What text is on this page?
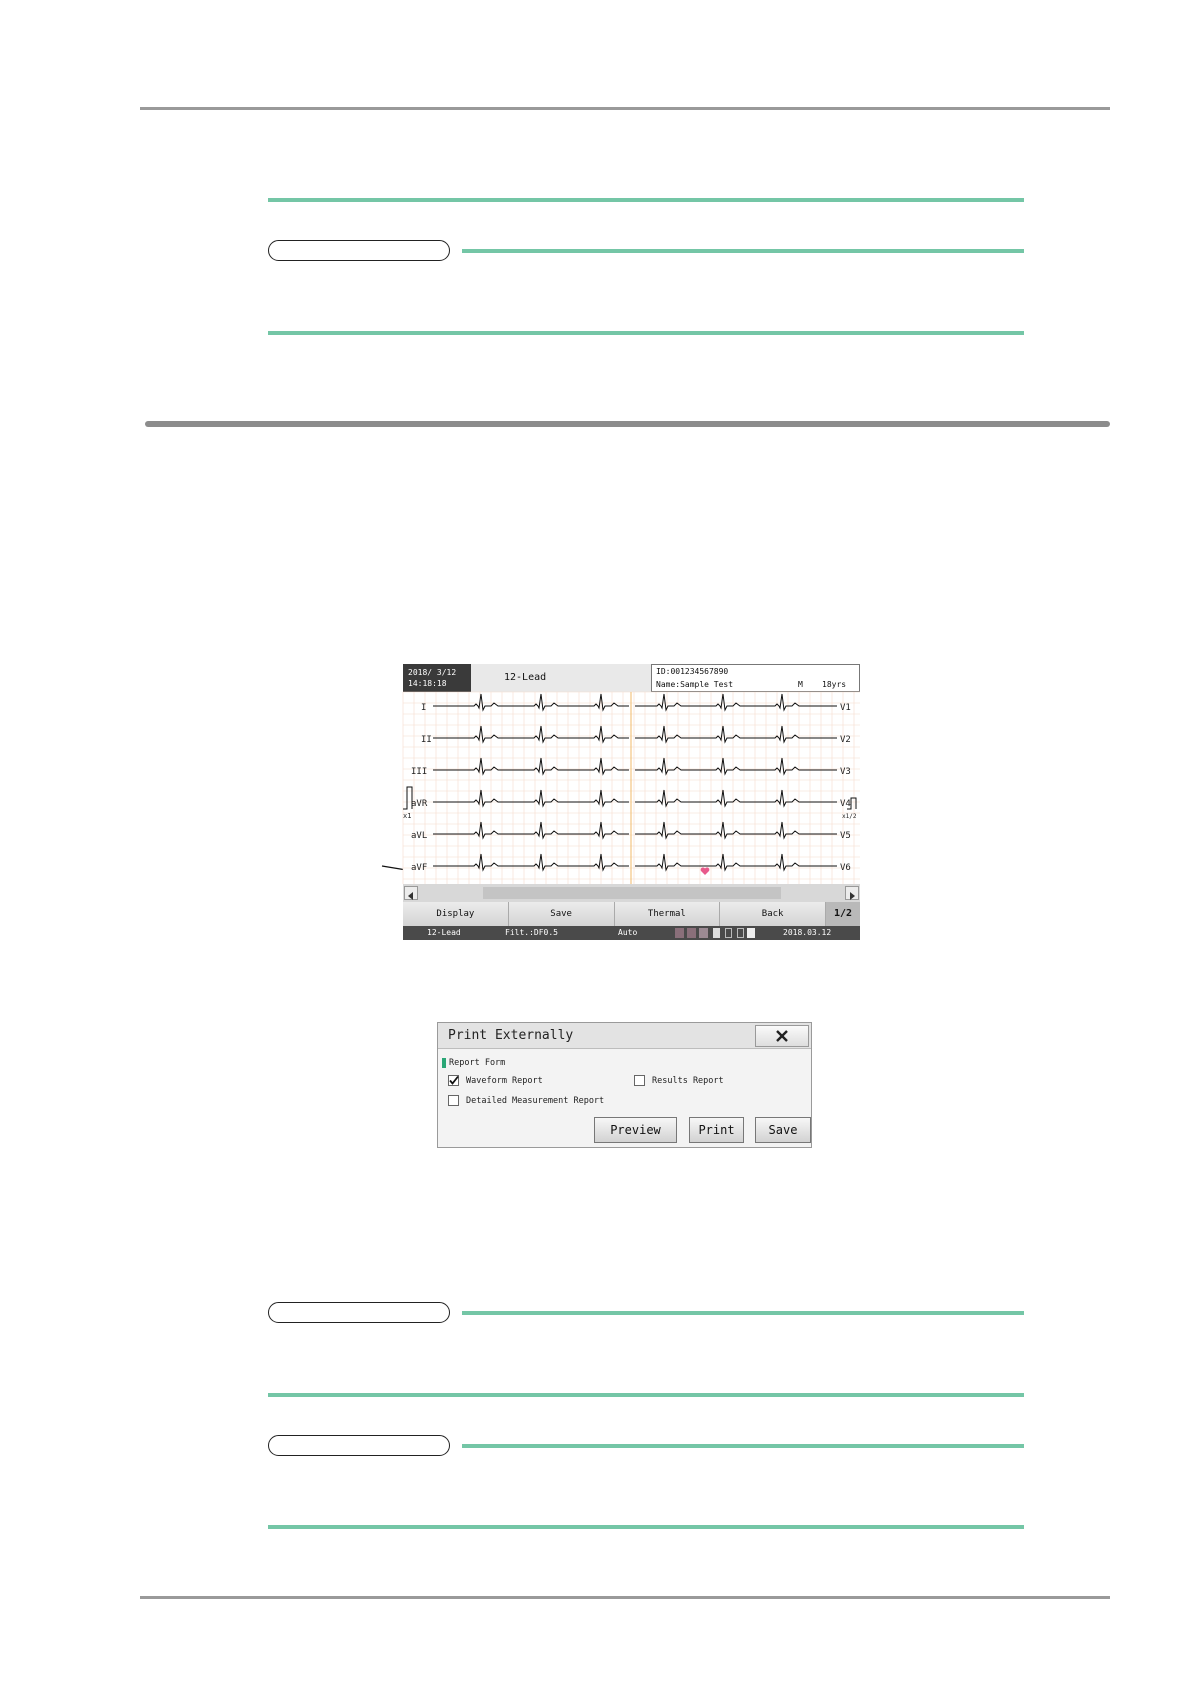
2018/ 3/12
14:18:18
12-Lead
ID:001234567890
Name:Sample Test	M 18yrs
I
II
III
aVR
aVL
aVF
V1
V2
V3
V4
V5
V6
x1	x1/2
Display	Save	Thermal	Back	1/2
12-Lead	Filt.:DF0.5	Auto	2018.03.12 14:19
Print Externally
Report Form
Waveform Report	Results Report
Detailed Measurement Report
Preview	Print	Save
